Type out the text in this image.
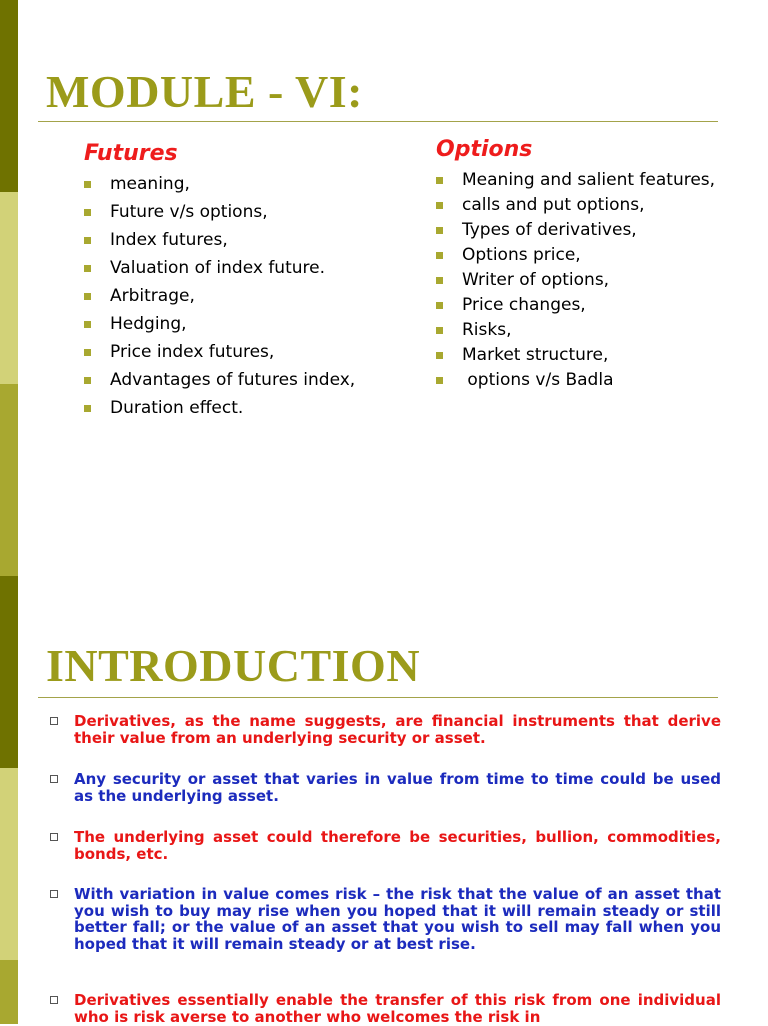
MODULE - VI:
Futures
meaning,
Future v/s options,
Index futures,
Valuation of index future.
Arbitrage,
Hedging,
Price index futures,
Advantages of futures index,
Duration effect.
Options
Meaning and salient features,
calls and put options,
Types of derivatives,
Options price,
Writer of options,
Price changes,
Risks,
Market structure,
options v/s Badla
INTRODUCTION

Derivatives, as the name suggests, are financial instruments that derive their value from an underlying security or asset.

Any security or asset that varies in value from time to time could be used as the underlying asset.

The underlying asset could therefore be securities, bullion, commodities, bonds, etc.

With variation in value comes risk – the risk that the value of an asset that you wish to buy may rise when you hoped that it will remain steady or still better fall; or the value of an asset that you wish to sell may fall when you hoped that it will remain steady or at best rise.

Derivatives essentially enable the transfer of this risk from one individual who is risk averse to another who welcomes the risk in
